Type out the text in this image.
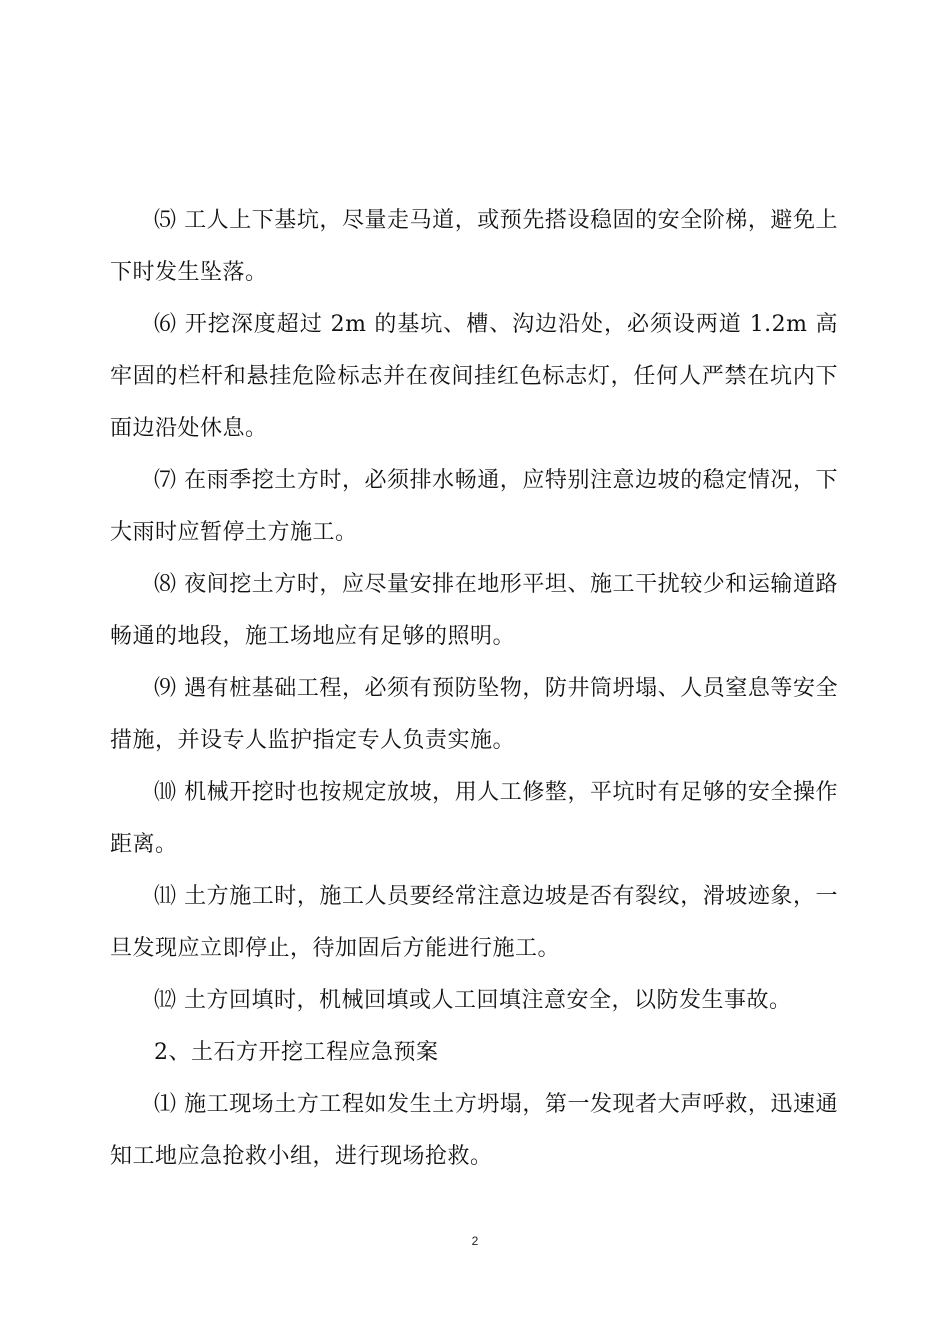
⑸ 工人上下基坑，尽量走马道，或预先搭设稳固的安全阶梯，避免上下时发生坠落。

⑹ 开挖深度超过 2m 的基坑、槽、沟边沿处，必须设两道 1.2m 高牢固的栏杆和悬挂危险标志并在夜间挂红色标志灯，任何人严禁在坑内下面边沿处休息。

⑺ 在雨季挖土方时，必须排水畅通，应特别注意边坡的稳定情况，下大雨时应暂停土方施工。

⑻ 夜间挖土方时，应尽量安排在地形平坦、施工干扰较少和运输道路畅通的地段，施工场地应有足够的照明。

⑼ 遇有桩基础工程，必须有预防坠物，防井筒坍塌、人员窒息等安全措施，并设专人监护指定专人负责实施。

⑽ 机械开挖时也按规定放坡，用人工修整，平坑时有足够的安全操作距离。

⑾ 土方施工时，施工人员要经常注意边坡是否有裂纹，滑坡迹象，一旦发现应立即停止，待加固后方能进行施工。

⑿ 土方回填时，机械回填或人工回填注意安全，以防发生事故。

2、土石方开挖工程应急预案

⑴ 施工现场土方工程如发生土方坍塌，第一发现者大声呼救，迅速通知工地应急抢救小组，进行现场抢救。

2
